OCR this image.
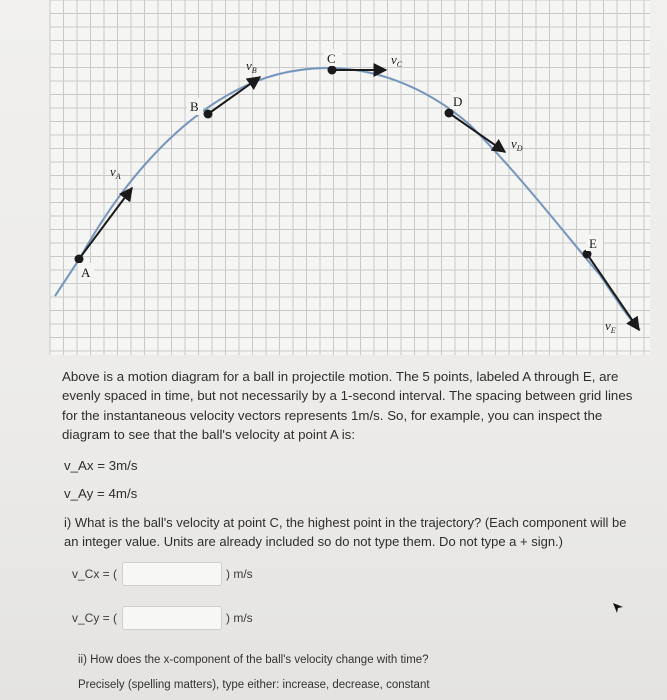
A
B
C
D
E
$v_A$
$v_B$
$v_C$
$v_D$
$v_E$
Above is a motion diagram for a ball in projectile motion. The 5 points, labeled A through E, are evenly spaced in time, but not necessarily by a 1-second interval. The spacing between grid lines for the instantaneous velocity vectors represents 1m/s. So, for example, you can inspect the diagram to see that the ball's velocity at point A is:
v_Ax = 3m/s
v_Ay = 4m/s
i) What is the ball's velocity at point C, the highest point in the trajectory? (Each component will be an integer value. Units are already included so do not type them. Do not type a + sign.)
v_Cx = (	) m/s
v_Cy = (	) m/s
ii) How does the x-component of the ball's velocity change with time?
Precisely (spelling matters), type either: increase, decrease, constant
